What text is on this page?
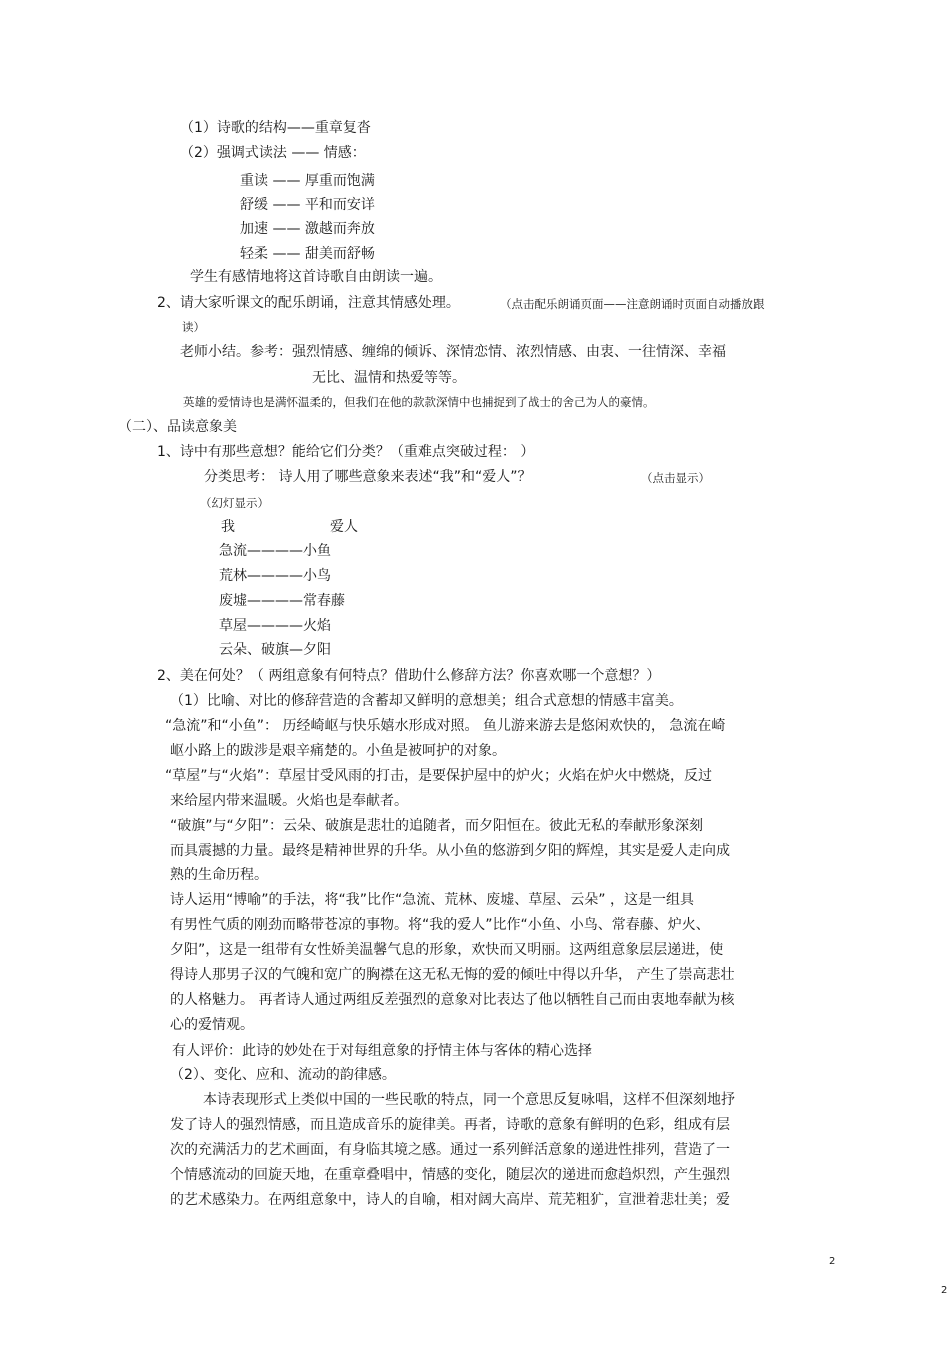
（1）诗歌的结构——重章复沓
（2）强调式读法 —— 情感：
重读 —— 厚重而饱满
舒缓 —— 平和而安详
加速 —— 激越而奔放
轻柔 —— 甜美而舒畅
学生有感情地将这首诗歌自由朗读一遍。
2、请大家听课文的配乐朗诵，注意其情感处理。	（点击配乐朗诵页面——注意朗诵时页面自动播放跟
读）
老师小结。参考：强烈情感、缠绵的倾诉、深情恋情、浓烈情感、由衷、一往情深、幸福
无比、温情和热爱等等。
英雄的爱情诗也是满怀温柔的，但我们在他的款款深情中也捕捉到了战士的舍己为人的豪情。
（二）、品读意象美
1、诗中有那些意想？能给它们分类？（重难点突破过程： ）
分类思考： 诗人用了哪些意象来表述“我”和“爱人”？	（点击显示）
（幻灯显示）
我	爱人
急流————小鱼
荒林————小鸟
废墟————常春藤
草屋————火焰
云朵、破旗—夕阳
2、美在何处？（ 两组意象有何特点？借助什么修辞方法？你喜欢哪一个意想？）
（1）比喻、对比的修辞营造的含蓄却又鲜明的意想美；组合式意想的情感丰富美。
“急流”和“小鱼”： 历经崎岖与快乐嬉水形成对照。 鱼儿游来游去是悠闲欢快的， 急流在崎
岖小路上的跋涉是艰辛痛楚的。小鱼是被呵护的对象。
“草屋”与“火焰”：草屋甘受风雨的打击，是要保护屋中的炉火；火焰在炉火中燃烧，反过
来给屋内带来温暖。火焰也是奉献者。
“破旗”与“夕阳”：云朵、破旗是悲壮的追随者，而夕阳恒在。彼此无私的奉献形象深刻
而具震撼的力量。最终是精神世界的升华。从小鱼的悠游到夕阳的辉煌，其实是爱人走向成
熟的生命历程。
诗人运用“博喻”的手法，将“我”比作“急流、荒林、废墟、草屋、云朵” ，这是一组具
有男性气质的刚劲而略带苍凉的事物。将“我的爱人”比作“小鱼、小鸟、常春藤、炉火、
夕阳”，这是一组带有女性娇美温馨气息的形象，欢快而又明丽。这两组意象层层递进，使
得诗人那男子汉的气魄和宽广的胸襟在这无私无悔的爱的倾吐中得以升华， 产生了崇高悲壮
的人格魅力。 再者诗人通过两组反差强烈的意象对比表达了他以牺牲自己而由衷地奉献为核
心的爱情观。
有人评价：此诗的妙处在于对每组意象的抒情主体与客体的精心选择
（2）、变化、应和、流动的韵律感。
本诗表现形式上类似中国的一些民歌的特点，同一个意思反复咏唱，这样不但深刻地抒
发了诗人的强烈情感，而且造成音乐的旋律美。再者，诗歌的意象有鲜明的色彩，组成有层
次的充满活力的艺术画面，有身临其境之感。通过一系列鲜活意象的递进性排列，营造了一
个情感流动的回旋天地，在重章叠唱中，情感的变化，随层次的递进而愈趋炽烈，产生强烈
的艺术感染力。在两组意象中，诗人的自喻，相对阔大高岸、荒芜粗犷，宣泄着悲壮美；爱
2
2
